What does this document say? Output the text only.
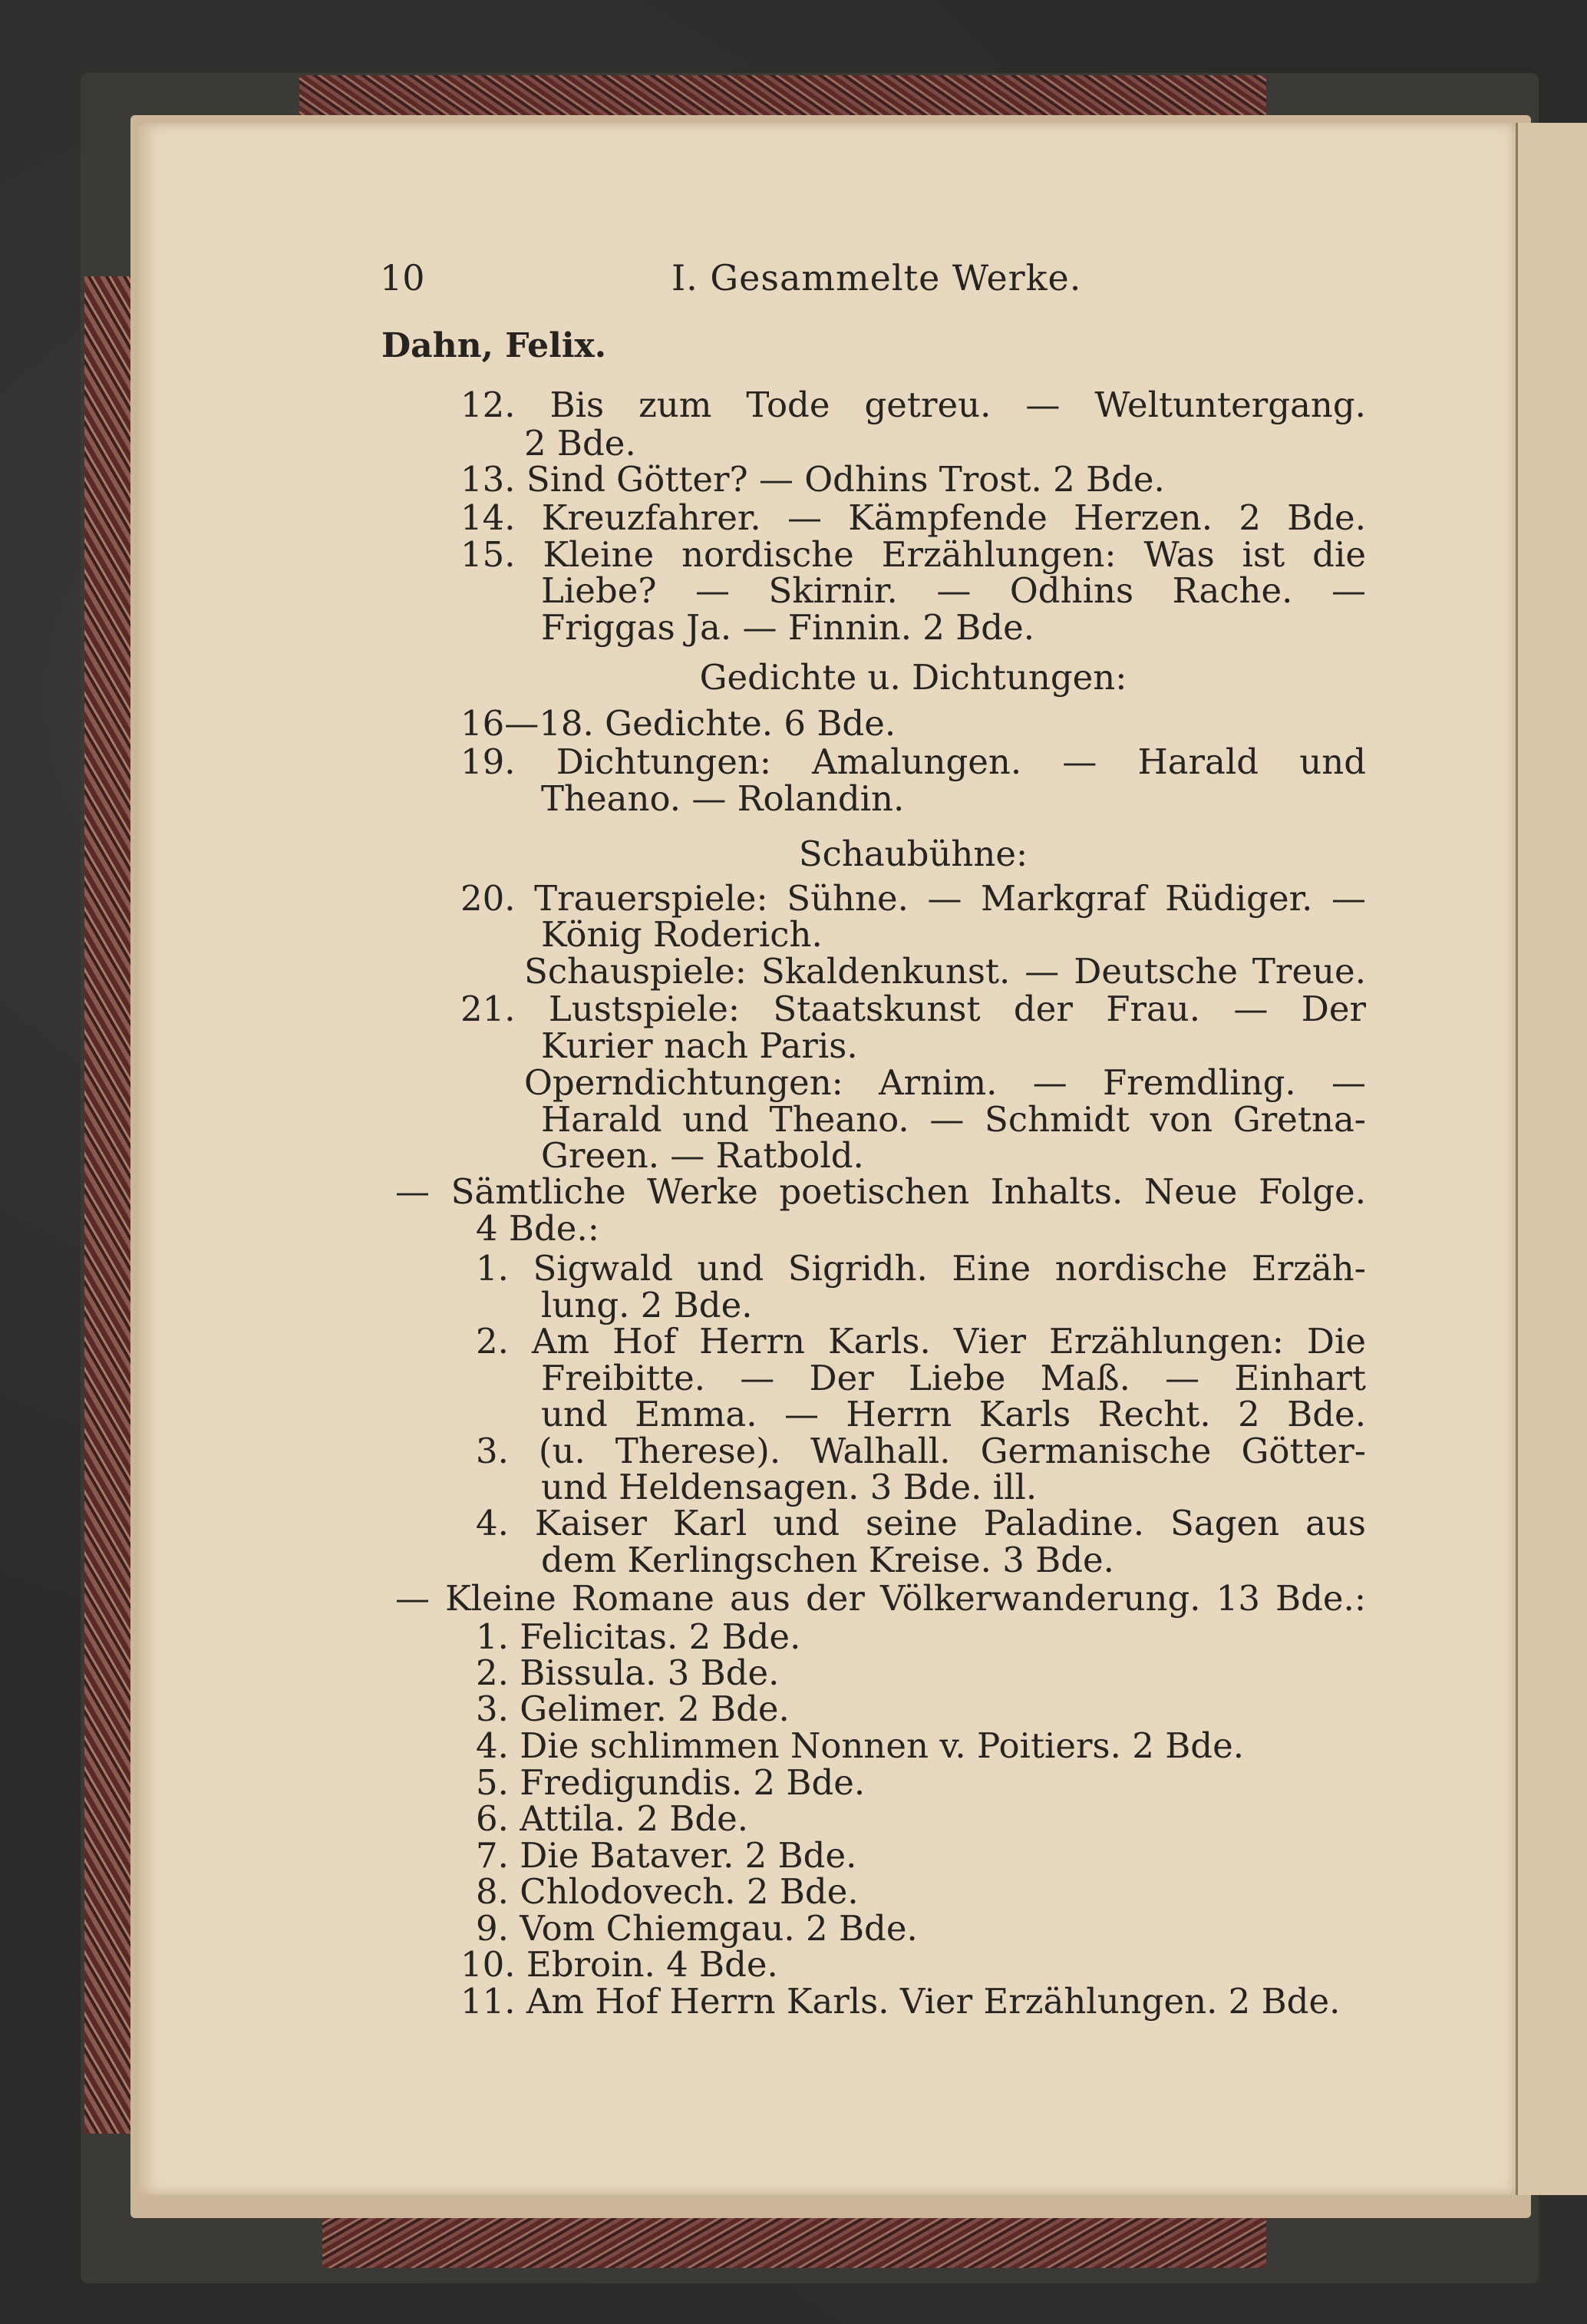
10	I. Gesammelte Werke.
Dahn, Felix.
12. Bis zum Tode getreu. — Weltuntergang.
2 Bde.
13. Sind Götter? — Odhins Trost. 2 Bde.
14. Kreuzfahrer. — Kämpfende Herzen. 2 Bde.
15. Kleine nordische Erzählungen: Was ist die
Liebe? — Skirnir. — Odhins Rache. —
Friggas Ja. — Finnin. 2 Bde.
Gedichte u. Dichtungen:
16—18. Gedichte. 6 Bde.
19. Dichtungen: Amalungen. — Harald und
Theano. — Rolandin.
Schaubühne:
20. Trauerspiele: Sühne. — Markgraf Rüdiger. —
König Roderich.
Schauspiele: Skaldenkunst. — Deutsche Treue.
21. Lustspiele: Staatskunst der Frau. — Der
Kurier nach Paris.
Operndichtungen: Arnim. — Fremdling. —
Harald und Theano. — Schmidt von Gretna-
Green. — Ratbold.
— Sämtliche Werke poetischen Inhalts. Neue Folge.
4 Bde.:
1. Sigwald und Sigridh. Eine nordische Erzäh-
lung. 2 Bde.
2. Am Hof Herrn Karls. Vier Erzählungen: Die
Freibitte. — Der Liebe Maß. — Einhart
und Emma. — Herrn Karls Recht. 2 Bde.
3. (u. Therese). Walhall. Germanische Götter-
und Heldensagen. 3 Bde. ill.
4. Kaiser Karl und seine Paladine. Sagen aus
dem Kerlingschen Kreise. 3 Bde.
— Kleine Romane aus der Völkerwanderung. 13 Bde.:
1. Felicitas. 2 Bde.
2. Bissula. 3 Bde.
3. Gelimer. 2 Bde.
4. Die schlimmen Nonnen v. Poitiers. 2 Bde.
5. Fredigundis. 2 Bde.
6. Attila. 2 Bde.
7. Die Bataver. 2 Bde.
8. Chlodovech. 2 Bde.
9. Vom Chiemgau. 2 Bde.
10. Ebroin. 4 Bde.
11. Am Hof Herrn Karls. Vier Erzählungen. 2 Bde.
